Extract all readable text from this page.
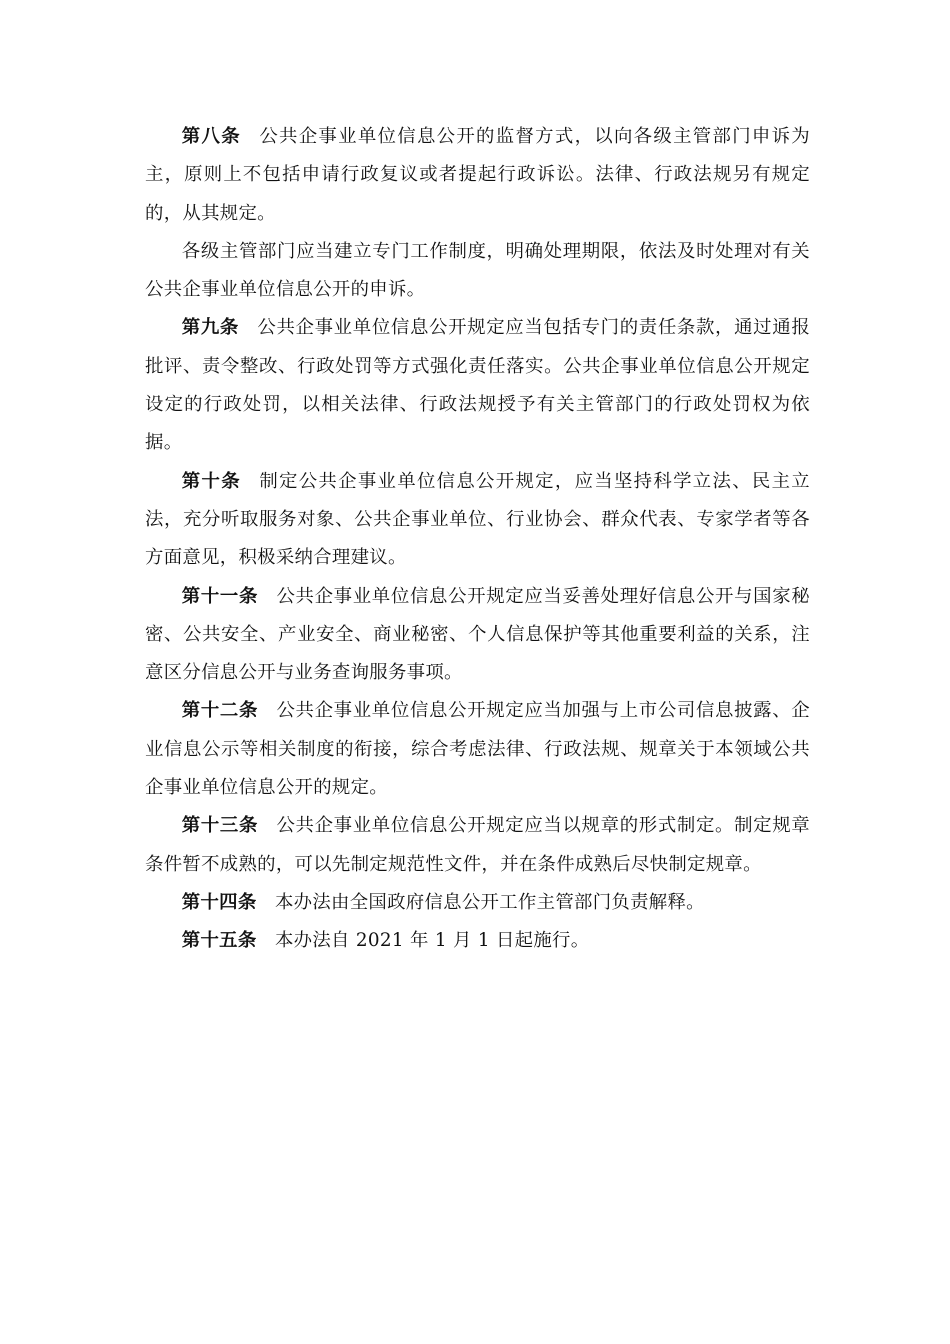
第八条 公共企事业单位信息公开的监督方式，以向各级主管部门申诉为主，原则上不包括申请行政复议或者提起行政诉讼。法律、行政法规另有规定的，从其规定。

各级主管部门应当建立专门工作制度，明确处理期限，依法及时处理对有关公共企事业单位信息公开的申诉。

第九条 公共企事业单位信息公开规定应当包括专门的责任条款，通过通报批评、责令整改、行政处罚等方式强化责任落实。公共企事业单位信息公开规定设定的行政处罚，以相关法律、行政法规授予有关主管部门的行政处罚权为依据。

第十条 制定公共企事业单位信息公开规定，应当坚持科学立法、民主立法，充分听取服务对象、公共企事业单位、行业协会、群众代表、专家学者等各方面意见，积极采纳合理建议。

第十一条 公共企事业单位信息公开规定应当妥善处理好信息公开与国家秘密、公共安全、产业安全、商业秘密、个人信息保护等其他重要利益的关系，注意区分信息公开与业务查询服务事项。

第十二条 公共企事业单位信息公开规定应当加强与上市公司信息披露、企业信息公示等相关制度的衔接，综合考虑法律、行政法规、规章关于本领域公共企事业单位信息公开的规定。

第十三条 公共企事业单位信息公开规定应当以规章的形式制定。制定规章条件暂不成熟的，可以先制定规范性文件，并在条件成熟后尽快制定规章。

第十四条 本办法由全国政府信息公开工作主管部门负责解释。

第十五条 本办法自 2021 年 1 月 1 日起施行。
